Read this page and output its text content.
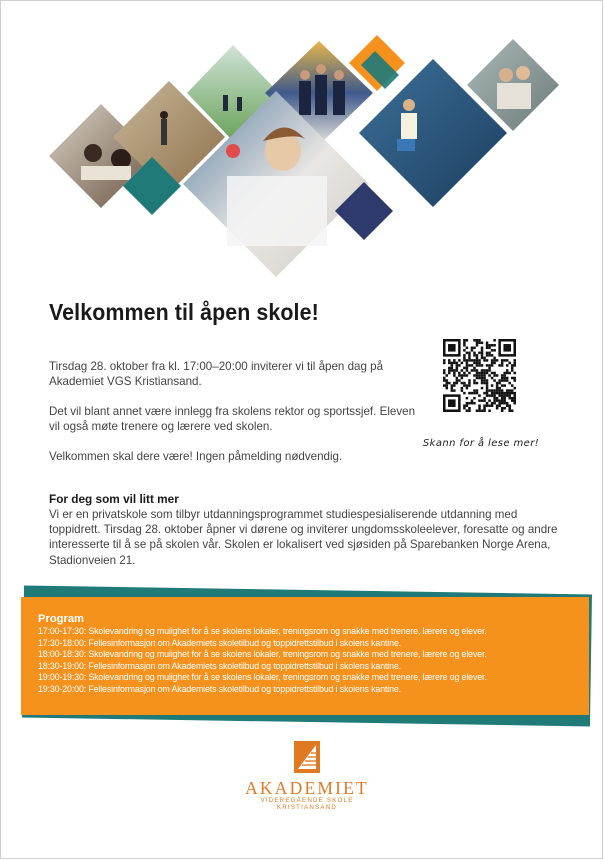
Velkommen til åpen skole!

Tirsdag 28. oktober fra kl. 17:00–20:00 inviterer vi til åpen dag på Akademiet VGS Kristiansand.

Det vil blant annet være innlegg fra skolens rektor og sportssjef. Eleven vil også møte trenere og lærere ved skolen.

Velkommen skal dere være! Ingen påmelding nødvendig.

Skann for å lese mer!
For deg som vil litt mer

Vi er en privatskole som tilbyr utdanningsprogrammet studiespesialiserende utdanning med toppidrett. Tirsdag 28. oktober åpner vi dørene og inviterer ungdomsskoleelever, foresatte og andre interesserte til å se på skolen vår. Skolen er lokalisert ved sjøsiden på Sparebanken Norge Arena, Stadionveien 21.

Program
17:00-17:30: Skolevandring og mulighet for å se skolens lokaler, treningsrom og snakke med trenere, lærere og elever.
17:30-18:00: Fellesinformasjon om Akademiets skoletilbud og toppidrettstilbud i skolens kantine.
18:00-18:30: Skolevandring og mulighet for å se skolens lokaler, treningsrom og snakke med trenere, lærere og elever.
18:30-19:00: Fellesinformasjon om Akademiets skoletilbud og toppidrettstilbud i skolens kantine.
19:00-19:30: Skolevandring og mulighet for å se skolens lokaler, treningsrom og snakke med trenere, lærere og elever.
19:30-20:00: Fellesinformasjon om Akademiets skoletilbud og toppidrettstilbud i skolens kantine.
AKADEMIET
VIDEREGÅENDE SKOLE
KRISTIANSAND
